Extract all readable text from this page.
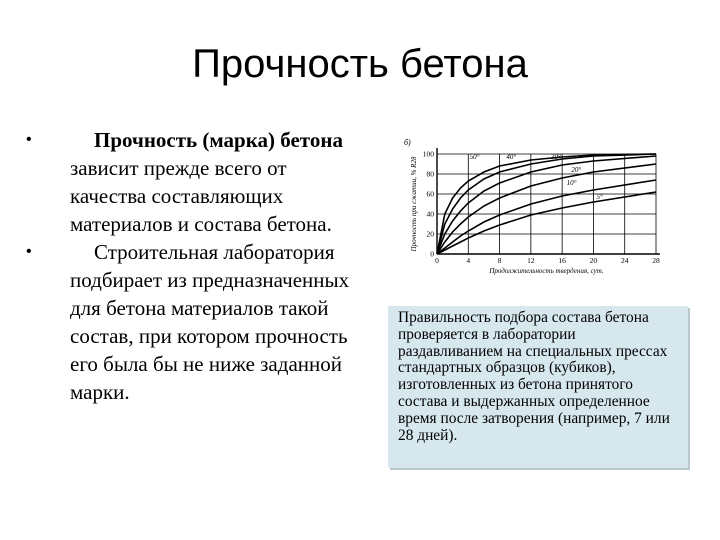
Прочность бетона
•	Прочность (марка) бетона зависит прежде всего от качества составляющих материалов и состава бетона.
•	Строительная лаборатория подбирает из предназначенных для бетона материалов такой состав, при котором прочность его была бы не ниже заданной марки.
0	4	8	12	16	20	24	28
0
20
40
60
80
100
Продолжительность твердения, сут.
Прочность при сжатии, % R28
б)
50°	40°	30°
20°
10°
5°
Правильность подбора состава бетона проверяется в лаборатории раздавливанием на специальных прессах стандартных образцов (кубиков), изготовленных из бетона принятого состава и выдержанных определенное время после затворения (например, 7 или 28 дней).
